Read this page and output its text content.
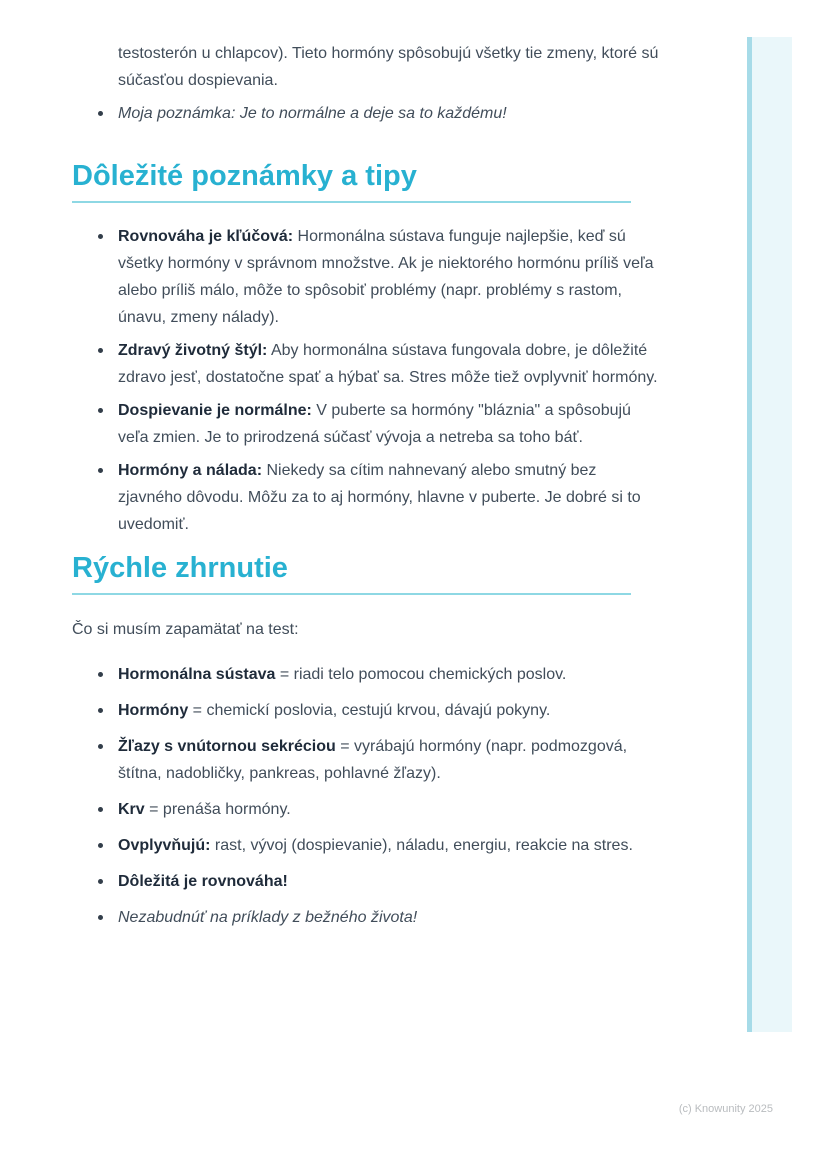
testosterón u chlapcov). Tieto hormóny spôsobujú všetky tie zmeny, ktoré sú súčasťou dospievania.

Moja poznámka: Je to normálne a deje sa to každému!
Dôležité poznámky a tipy
Rovnováha je kľúčová: Hormonálna sústava funguje najlepšie, keď sú všetky hormóny v správnom množstve. Ak je niektorého hormónu príliš veľa alebo príliš málo, môže to spôsobiť problémy (napr. problémy s rastom, únavu, zmeny nálady).
Zdravý životný štýl: Aby hormonálna sústava fungovala dobre, je dôležité zdravo jesť, dostatočne spať a hýbať sa. Stres môže tiež ovplyvniť hormóny.
Dospievanie je normálne: V puberte sa hormóny "bláznia" a spôsobujú veľa zmien. Je to prirodzená súčasť vývoja a netreba sa toho báť.
Hormóny a nálada: Niekedy sa cítim nahnevaný alebo smutný bez zjavného dôvodu. Môžu za to aj hormóny, hlavne v puberte. Je dobré si to uvedomiť.
Rýchle zhrnutie

Čo si musím zapamätať na test:

Hormonálna sústava = riadi telo pomocou chemických poslov.
Hormóny = chemickí poslovia, cestujú krvou, dávajú pokyny.
Žľazy s vnútornou sekréciou = vyrábajú hormóny (napr. podmozgová, štítna, nadobličky, pankreas, pohlavné žľazy).
Krv = prenáša hormóny.
Ovplyvňujú: rast, vývoj (dospievanie), náladu, energiu, reakcie na stres.
Dôležitá je rovnováha!
Nezabudnúť na príklady z bežného života!
(c) Knowunity 2025
